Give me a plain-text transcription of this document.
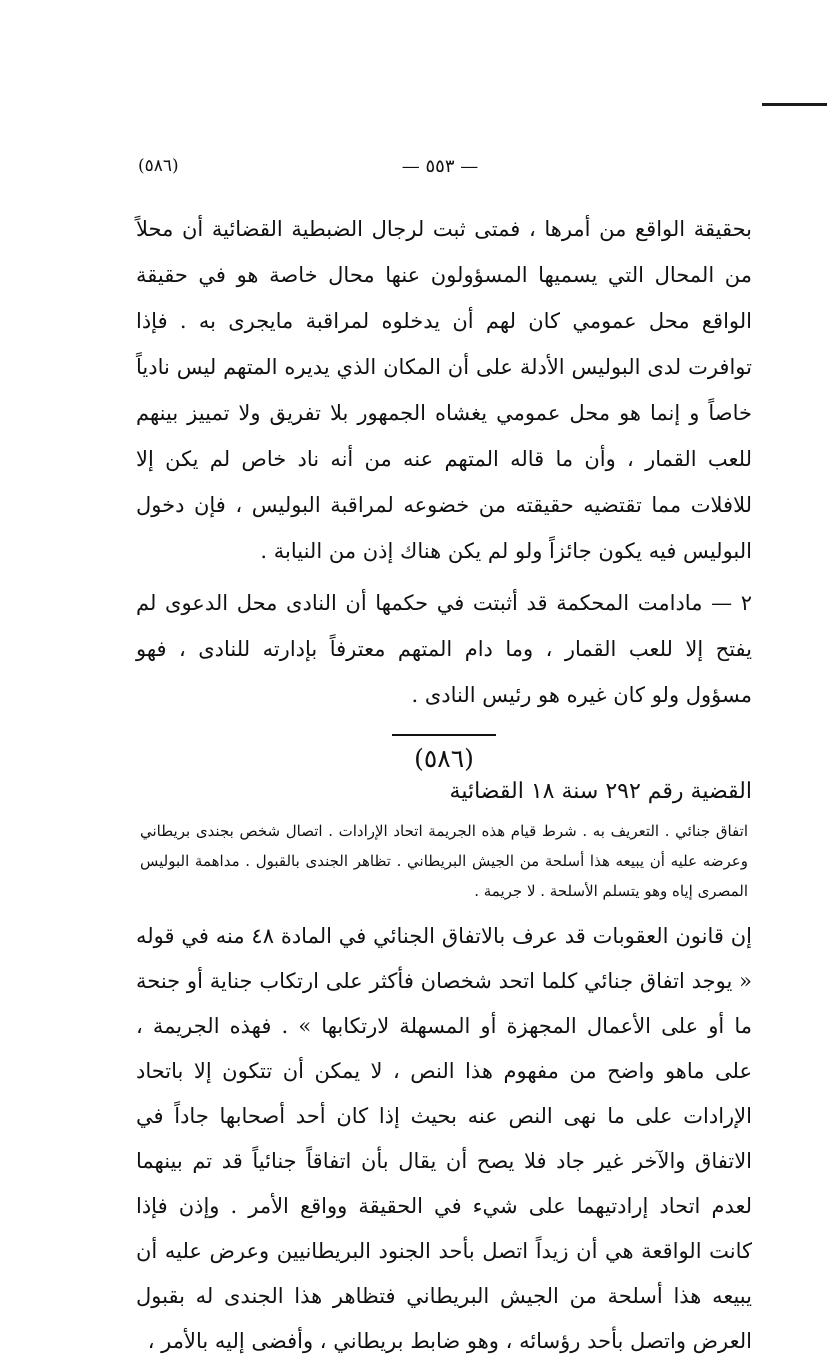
(٥٨٦)	— ٥٥٣ —

بحقيقة الواقع من أمرها ، فمتى ثبت لرجال الضبطية القضائية أن محلاً من المحال التي يسميها المسؤولون عنها محال خاصة هو في حقيقة الواقع محل عمومي كان لهم أن يدخلوه لمراقبة مايجرى به . فإذا توافرت لدى البوليس الأدلة على أن المكان الذي يديره المتهم ليس نادياً خاصاً و إنما هو محل عمومي يغشاه الجمهور بلا تفريق ولا تمييز بينهم للعب القمار ، وأن ما قاله المتهم عنه من أنه ناد خاص لم يكن إلا للافلات مما تقتضيه حقيقته من خضوعه لمراقبة البوليس ، فإن دخول البوليس فيه يكون جائزاً ولو لم يكن هناك إذن من النيابة .

٢ — مادامت المحكمة قد أثبتت في حكمها أن النادى محل الدعوى لم يفتح إلا للعب القمار ، وما دام المتهم معترفاً بإدارته للنادى ، فهو مسؤول ولو كان غيره هو رئيس النادى .

(٥٨٦)
القضية رقم ٢٩٢ سنة ١٨ القضائية

اتفاق جنائي . التعريف به . شرط قيام هذه الجريمة اتحاد الإرادات . اتصال شخص بجندى بريطاني وعرضه عليه أن يبيعه هذا أسلحة من الجيش البريطاني . تظاهر الجندى بالقبول . مداهمة البوليس المصرى إياه وهو يتسلم الأسلحة . لا جريمة .

إن قانون العقوبات قد عرف بالاتفاق الجنائي في المادة ٤٨ منه في قوله « يوجد اتفاق جنائي كلما اتحد شخصان فأكثر على ارتكاب جناية أو جنحة ما أو على الأعمال المجهزة أو المسهلة لارتكابها » . فهذه الجريمة ، على ماهو واضح من مفهوم هذا النص ، لا يمكن أن تتكون إلا باتحاد الإرادات على ما نهى النص عنه بحيث إذا كان أحد أصحابها جاداً في الاتفاق والآخر غير جاد فلا يصح أن يقال بأن اتفاقاً جنائياً قد تم بينهما لعدم اتحاد إرادتيهما على شيء في الحقيقة وواقع الأمر . وإذن فإذا كانت الواقعة هي أن زيداً اتصل بأحد الجنود البريطانيين وعرض عليه أن يبيعه هذا أسلحة من الجيش البريطاني فتظاهر هذا الجندى له بقبول العرض واتصل بأحد رؤسائه ، وهو ضابط بريطاني ، وأفضى إليه بالأمر ،
